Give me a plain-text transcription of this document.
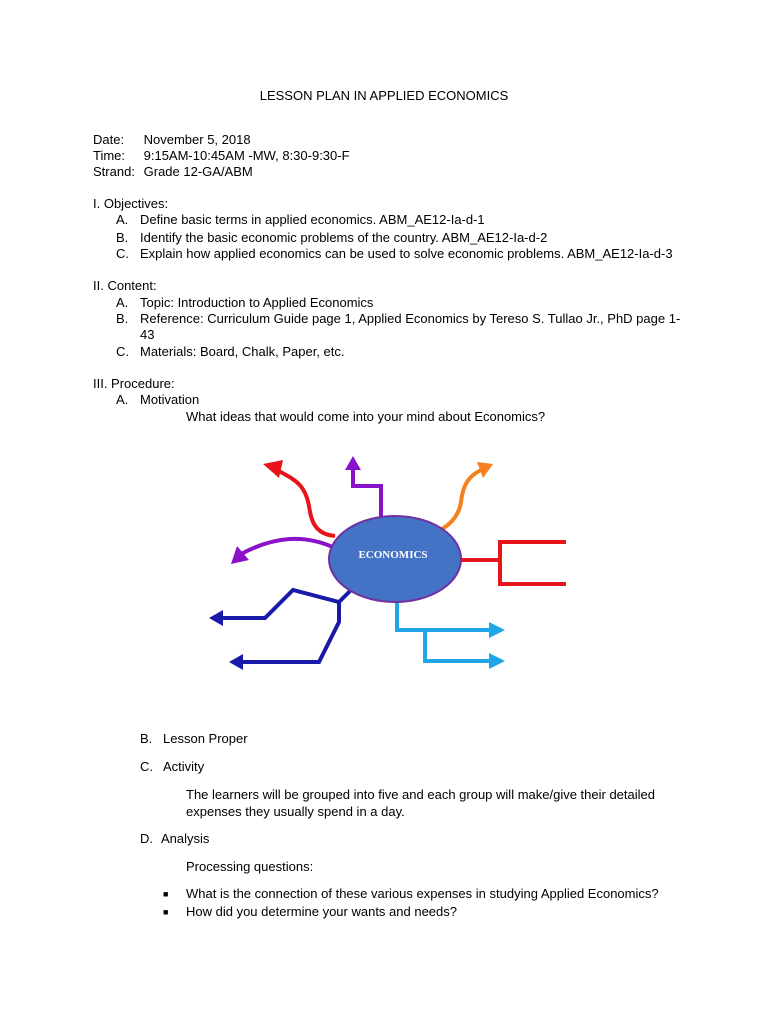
LESSON PLAN IN APPLIED ECONOMICS
Date: November 5, 2018
Time: 9:15AM-10:45AM -MW, 8:30-9:30-F
Strand: Grade 12-GA/ABM
I. Objectives:
A. Define basic terms in applied economics. ABM_AE12-Ia-d-1
B. Identify the basic economic problems of the country. ABM_AE12-Ia-d-2
C. Explain how applied economics can be used to solve economic problems. ABM_AE12-Ia-d-3
II. Content:
A. Topic: Introduction to Applied Economics
B. Reference: Curriculum Guide page 1, Applied Economics by Tereso S. Tullao Jr., PhD page 1-
43
C. Materials: Board, Chalk, Paper, etc.
III. Procedure:
A. Motivation
What ideas that would come into your mind about Economics?
ECONOMICS
B. Lesson Proper
C. Activity
The learners will be grouped into five and each group will make/give their detailed
expenses they usually spend in a day.
D. Analysis
Processing questions:
■ What is the connection of these various expenses in studying Applied Economics?
■ How did you determine your wants and needs?
